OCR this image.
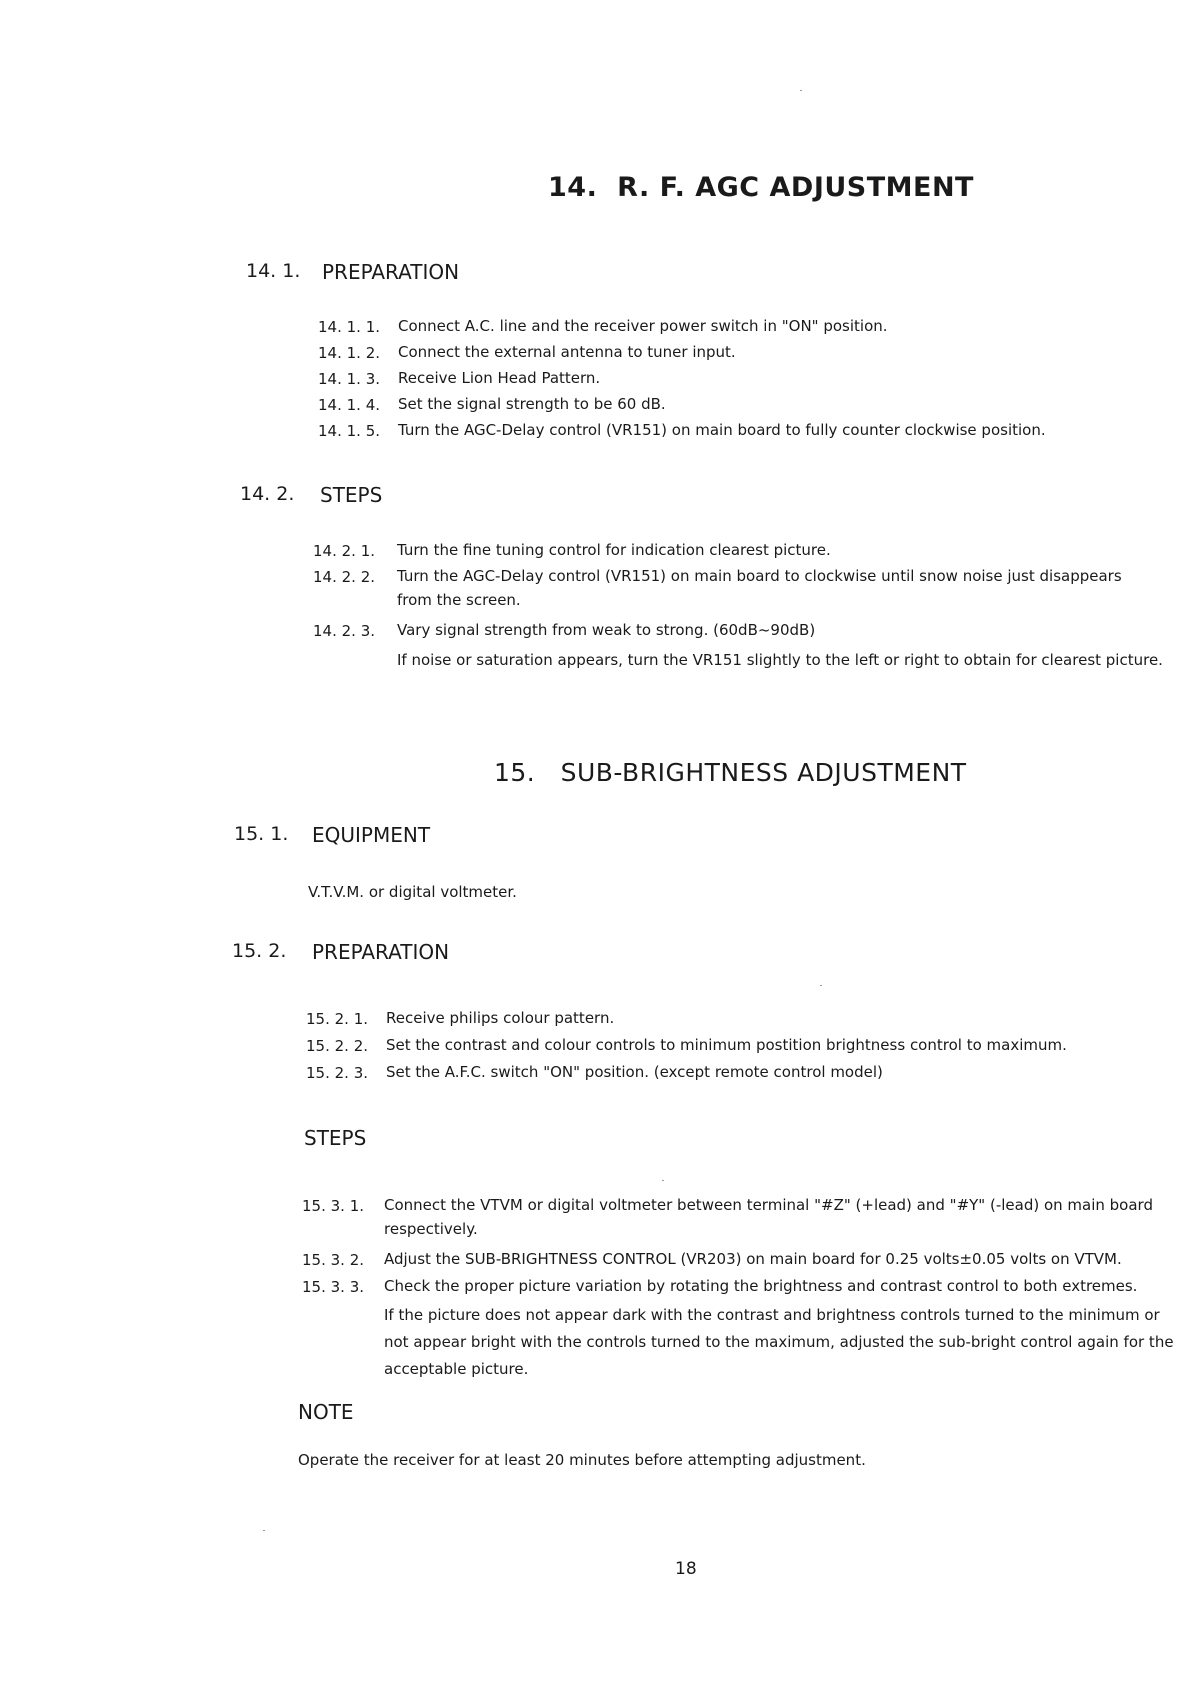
14. R. F. AGC ADJUSTMENT
14. 1. PREPARATION
14. 1. 1. Connect A.C. line and the receiver power switch in "ON" position.
14. 1. 2. Connect the external antenna to tuner input.
14. 1. 3. Receive Lion Head Pattern.
14. 1. 4. Set the signal strength to be 60 dB.
14. 1. 5. Turn the AGC-Delay control (VR151) on main board to fully counter clockwise position.
14. 2. STEPS
14. 2. 1. Turn the fine tuning control for indication clearest picture.
14. 2. 2. Turn the AGC-Delay control (VR151) on main board to clockwise until snow noise just disappears from the screen.
14. 2. 3. Vary signal strength from weak to strong. (60dB~90dB)
If noise or saturation appears, turn the VR151 slightly to the left or right to obtain for clearest picture.
15. SUB-BRIGHTNESS ADJUSTMENT
15. 1. EQUIPMENT
V.T.V.M. or digital voltmeter.
15. 2. PREPARATION
15. 2. 1. Receive philips colour pattern.
15. 2. 2. Set the contrast and colour controls to minimum postition brightness control to maximum.
15. 2. 3. Set the A.F.C. switch "ON" position. (except remote control model)
STEPS
15. 3. 1. Connect the VTVM or digital voltmeter between terminal "#Z" (+lead) and "#Y" (-lead) on main board respectively.
15. 3. 2. Adjust the SUB-BRIGHTNESS CONTROL (VR203) on main board for 0.25 volts±0.05 volts on VTVM.
15. 3. 3. Check the proper picture variation by rotating the brightness and contrast control to both extremes.
If the picture does not appear dark with the contrast and brightness controls turned to the minimum or not appear bright with the controls turned to the maximum, adjusted the sub-bright control again for the acceptable picture.
NOTE
Operate the receiver for at least 20 minutes before attempting adjustment.
18
